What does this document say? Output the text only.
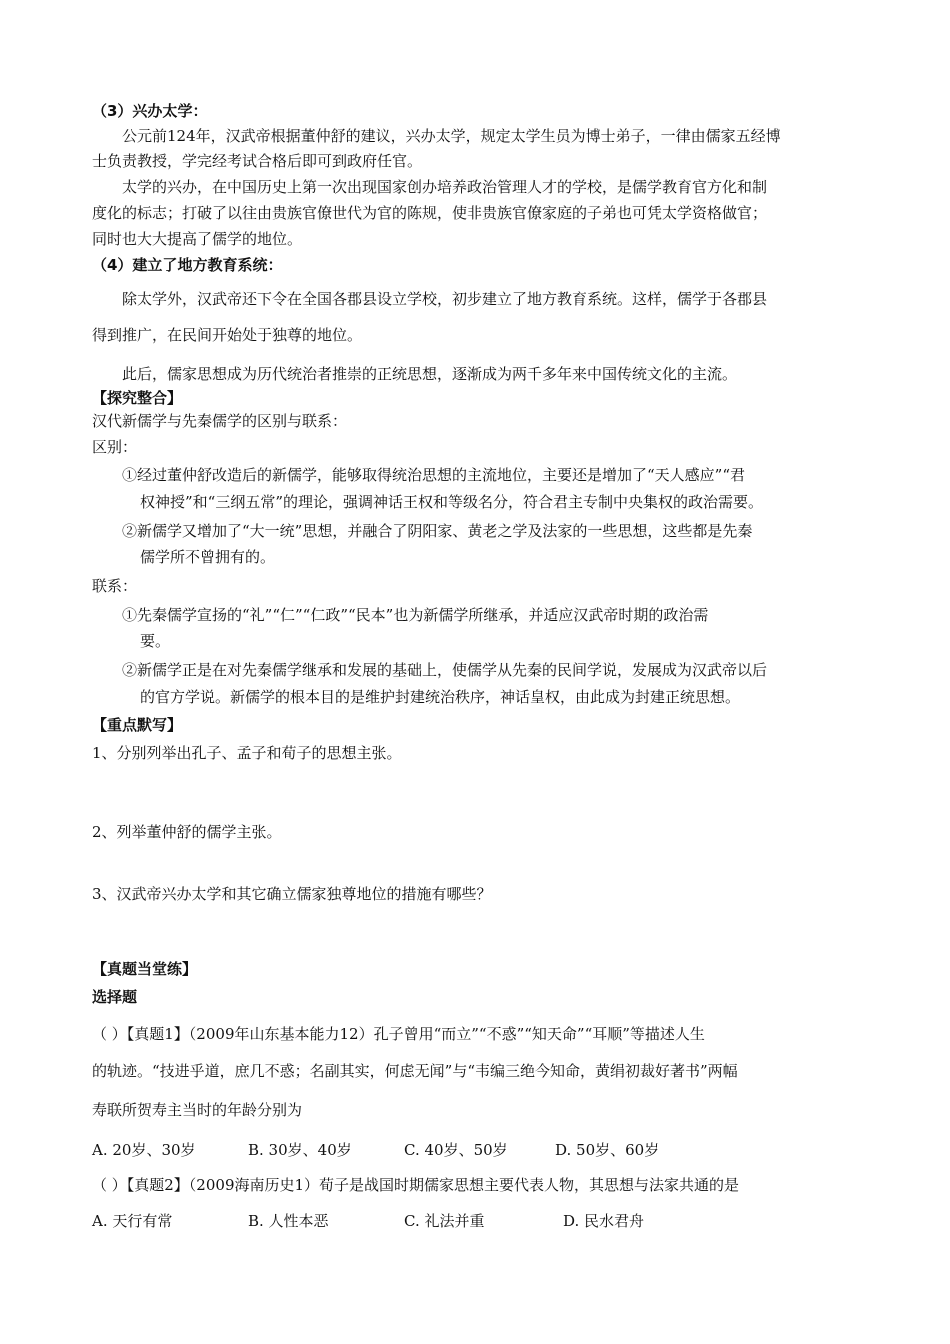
（3）兴办太学：
公元前124年，汉武帝根据董仲舒的建议，兴办太学，规定太学生员为博士弟子，一律由儒家五经博
士负责教授，学完经考试合格后即可到政府任官。
太学的兴办，在中国历史上第一次出现国家创办培养政治管理人才的学校，是儒学教育官方化和制
度化的标志；打破了以往由贵族官僚世代为官的陈规，使非贵族官僚家庭的子弟也可凭太学资格做官；
同时也大大提高了儒学的地位。
（4）建立了地方教育系统：
除太学外，汉武帝还下令在全国各郡县设立学校，初步建立了地方教育系统。这样，儒学于各郡县
得到推广，在民间开始处于独尊的地位。
此后，儒家思想成为历代统治者推崇的正统思想，逐渐成为两千多年来中国传统文化的主流。
【探究整合】
汉代新儒学与先秦儒学的区别与联系：
区别：
①经过董仲舒改造后的新儒学，能够取得统治思想的主流地位，主要还是增加了“天人感应”“君
权神授”和“三纲五常”的理论，强调神话王权和等级名分，符合君主专制中央集权的政治需要。
②新儒学又增加了“大一统”思想，并融合了阴阳家、黄老之学及法家的一些思想，这些都是先秦
儒学所不曾拥有的。
联系：
①先秦儒学宣扬的“礼”“仁”“仁政”“民本”也为新儒学所继承，并适应汉武帝时期的政治需
要。
②新儒学正是在对先秦儒学继承和发展的基础上，使儒学从先秦的民间学说，发展成为汉武帝以后
的官方学说。新儒学的根本目的是维护封建统治秩序，神话皇权，由此成为封建正统思想。
【重点默写】
1、分别列举出孔子、孟子和荀子的思想主张。
2、列举董仲舒的儒学主张。
3、汉武帝兴办太学和其它确立儒家独尊地位的措施有哪些？
【真题当堂练】
选择题
（ ）【真题1】（2009年山东基本能力12）孔子曾用“而立”“不惑”“知天命”“耳顺”等描述人生
的轨迹。“技进乎道，庶几不惑；名副其实，何虑无闻”与“韦编三绝今知命，黄绢初裁好著书”两幅
寿联所贺寿主当时的年龄分别为
A. 20岁、30岁	B. 30岁、40岁	C. 40岁、50岁	D. 50岁、60岁
（ ）【真题2】（2009海南历史1）荀子是战国时期儒家思想主要代表人物，其思想与法家共通的是
A. 天行有常	B. 人性本恶	C. 礼法并重	D. 民水君舟
